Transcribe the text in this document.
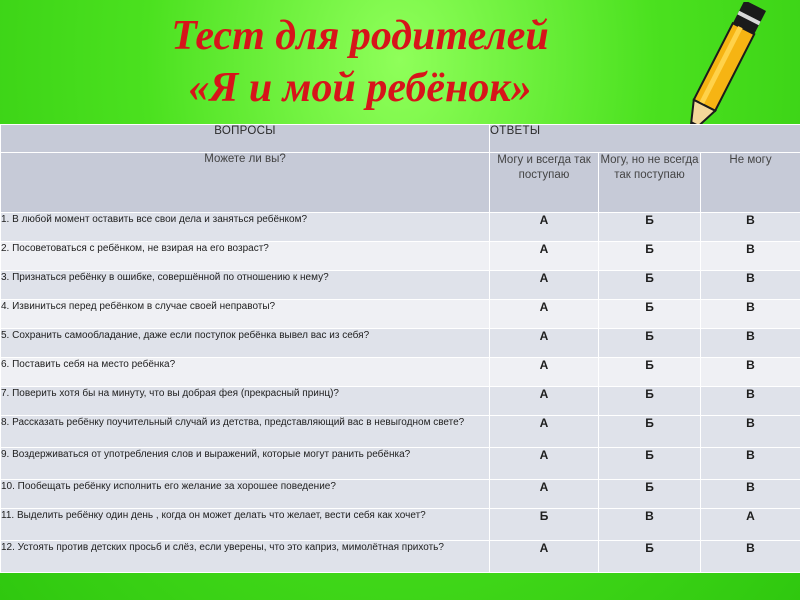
Тест для родителей
«Я и мой ребёнок»
ВОПРОСЫ	ОТВЕТЫ		
Можете ли вы?	Могу и всегда так поступаю	Могу, но не всегда так поступаю	Не могу
1. В любой момент оставить все свои дела и заняться ребёнком?	А	Б	В
2. Посоветоваться с ребёнком, не взирая на его возраст?	А	Б	В
3. Признаться ребёнку в ошибке, совершённой по отношению к нему?	А	Б	В
4. Извиниться перед ребёнком в случае своей неправоты?	А	Б	В
5. Сохранить самообладание, даже если поступок ребёнка вывел вас из себя?	А	Б	В
6. Поставить себя на место ребёнка?	А	Б	В
7. Поверить хотя бы на минуту, что вы добрая фея (прекрасный принц)?	А	Б	В
8. Рассказать ребёнку поучительный случай из детства, представляющий вас в невыгодном свете?	А	Б	В
9. Воздерживаться от употребления слов и выражений, которые могут ранить ребёнка?	А	Б	В
10. Пообещать ребёнку исполнить его желание за хорошее поведение?	А	Б	В
11. Выделить ребёнку один день , когда он может делать что желает, вести себя как хочет?	Б	В	А
12. Устоять против детских просьб и слёз, если уверены, что это каприз, мимолётная прихоть?	А	Б	В
